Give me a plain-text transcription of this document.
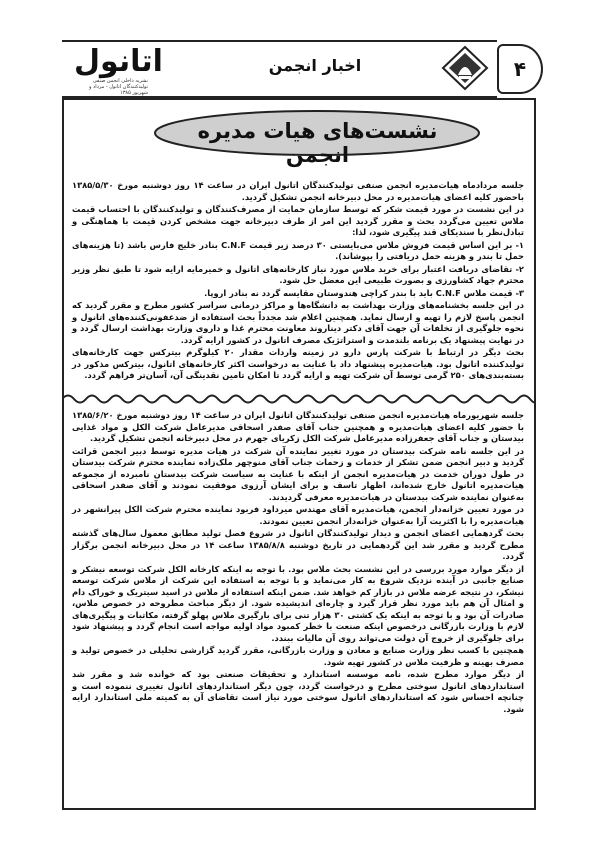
اتانول
نشریه داخلی انجمن صنفی تولیدکنندگان اتانول - مرداد و شهریور ۱۳۸۵
اخبار انجمن	۴
نشست‌های هیات مدیره انجمن

جلسه مردادماه هیات‌مدیره انجمن صنفی تولیدکنندگان اتانول ایران در ساعت ۱۴ روز دوشنبه مورخ ۱۳۸۵/۵/۳۰ باحضور کلیه اعضای هیات‌مدیره در محل دبیرخانه انجمن تشکیل گردید.

در این نشست در مورد قیمت شکر که توسط سازمان حمایت از مصرف‌کنندگان و تولیدکنندگان با احتساب قیمت ملاس تعیین می‌گردد بحث و مقرر گردید این امر از طرف دبیرخانه جهت مشخص کردن قیمت با هماهنگی و تبادل‌نظر با سندیکای قند پیگیری شود، لذا:

۱- بر این اساس قیمت فروش ملاس می‌بایستی ۳۰ درصد زیر قیمت C.N.F بنادر خلیج فارس باشد (تا هزینه‌های حمل تا بندر و هزینه حمل دریافتی را بپوشاند).

۲- تقاضای دریافت اعتبار برای خرید ملاس مورد نیاز کارخانه‌های اتانول و خمیرمایه ارایه شود تا طبق نظر وزیر محترم جهاد کشاورزی و بصورت طبیعی این معضل حل شود.

۳- قیمت ملاس C.N.F باید با بندر کراچی هندوستان مقایسه گردد نه بنادر اروپا.

در این جلسه بخشنامه‌های وزارت بهداشت به دانشگاه‌ها و مراکز درمانی سراسر کشور مطرح و مقرر گردید که انجمن پاسخ لازم را تهیه و ارسال نماید. همچنین اعلام شد مجدداً بحث استفاده از ضدعفونی‌کننده‌های اتانول و نحوه جلوگیری از تخلفات آن جهت آقای دکتر دیناروند معاونت محترم غذا و داروی وزارت بهداشت ارسال گردد و در نهایت پیشنهاد یک برنامه بلندمدت و استراتژیک مصرف اتانول در کشور ارایه گردد.

بحث دیگر در ارتباط با شرکت پارس دارو در زمینه واردات مقدار ۲۰ کیلوگرم بیترکس جهت کارخانه‌های تولیدکننده اتانول بود. هیات‌مدیره پیشنهاد داد با عنایت به درخواست اکثر کارخانه‌های اتانول، بیترکس مذکور در بسته‌بندی‌های ۲۵۰ گرمی توسط آن شرکت تهیه و ارایه گردد تا امکان تامین نقدینگی آن، آسان‌تر فراهم گردد.

جلسه شهریورماه هیات‌مدیره انجمن صنفی تولیدکنندگان اتانول ایران در ساعت ۱۴ روز دوشنبه مورخ ۱۳۸۵/۶/۲۰ با حضور کلیه اعضای هیات‌مدیره و همچنین جناب آقای صفدر اسحاقی مدیرعامل شرکت الکل و مواد غذایی بیدستان و جناب آقای جعفرزاده مدیرعامل شرکت الکل زکریای جهرم در محل دبیرخانه انجمن تشکیل گردید.

در این جلسه نامه شرکت بیدستان در مورد تغییر نماینده آن شرکت در هیات مدیره توسط دبیر انجمن قرائت گردید و دبیر انجمن ضمن تشکر از خدمات و زحمات جناب آقای منوچهر ملک‌زاده نماینده محترم شرکت بیدستان در طول دوران خدمت در هیات‌مدیره انجمن از اینکه با عنایت به سیاست شرکت بیدستان نامبرده از مجموعه هیات‌مدیره اتانول خارج شده‌اند، اظهار تاسف و برای ایشان آرزوی موفقیت نمودند و آقای صفدر اسحاقی به‌عنوان نماینده شرکت بیدستان در هیات‌مدیره معرفی گردیدند.

در مورد تعیین خزانه‌دار انجمن، هیات‌مدیره آقای مهندس میرداود فربود نماینده محترم شرکت الکل پیرانشهر در هیات‌مدیره را با اکثریت آرا به‌عنوان خزانه‌دار انجمن تعیین نمودند.

بحث گردهمایی اعضای انجمن و دیدار تولیدکنندگان اتانول در شروع فصل تولید مطابق معمول سال‌های گذشته مطرح گردید و مقرر شد این گردهمایی در تاریخ دوشنبه ۱۳۸۵/۸/۸ ساعت ۱۴ در محل دبیرخانه انجمن برگزار گردد.

از دیگر موارد مورد بررسی در این نشست بحث ملاس بود. با توجه به اینکه کارخانه الکل شرکت توسعه نیشکر و صنایع جانبی در آینده نزدیک شروع به کار می‌نماید و با توجه به استفاده این شرکت از ملاس شرکت توسعه نیشکر، در نتیجه عرضه ملاس در بازار کم خواهد شد. ضمن اینکه استفاده از ملاس در اسید سیتریک و خوراک دام و امثال آن هم باید مورد نظر قرار گیرد و چاره‌ای اندیشیده شود. از دیگر مباحث مطروحه در خصوص ملاس، صادرات آن بود و با توجه به اینکه یک کشتی ۳۰ هزار تنی برای بارگیری ملاس پهلو گرفته، مکاتبات و پیگیری‌های لازم با وزارت بازرگانی درخصوص اینکه صنعت با خطر کمبود مواد اولیه مواجه است انجام گردد و پیشنهاد شود برای جلوگیری از خروج آن دولت می‌تواند روی آن مالیات ببندد.

همچنین با کسب نظر وزارت صنایع و معادن و وزارت بازرگانی، مقرر گردید گزارشی تحلیلی در خصوص تولید و مصرف بهینه و ظرفیت ملاس در کشور تهیه شود.

از دیگر موارد مطرح شده، نامه موسسه استاندارد و تحقیقات صنعتی بود که خوانده شد و مقرر شد استانداردهای اتانول سوختی مطرح و درخواست گردد، چون دیگر استانداردهای اتانول تغییری ننموده است و چنانچه احساس شود که استانداردهای اتانول سوختی مورد نیاز است تقاضای آن به کمیته ملی استاندارد ارایه شود.
